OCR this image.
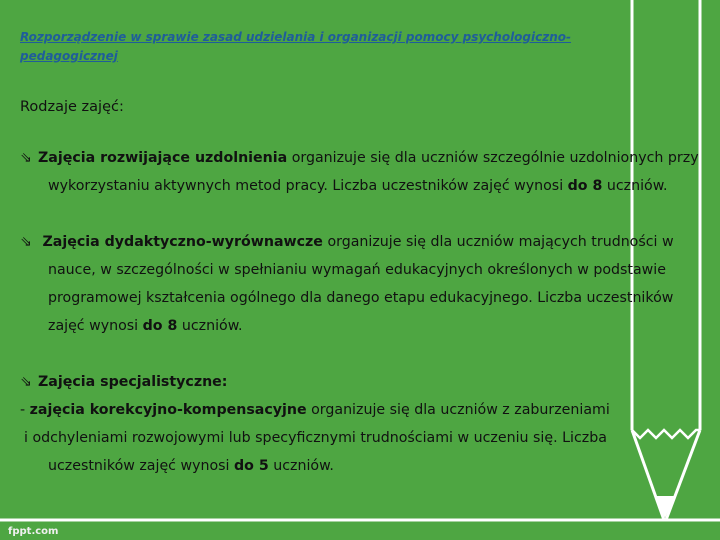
Rozporządzenie w sprawie zasad udzielania i organizacji pomocy psychologiczno-pedagogicznej
Rodzaje zajęć:
⇘ Zajęcia rozwijające uzdolnienia organizuje się dla uczniów szczególnie uzdolnionych przy
wykorzystaniu aktywnych metod pracy. Liczba uczestników zajęć wynosi do 8 uczniów.
⇘ Zajęcia dydaktyczno-wyrównawcze organizuje się dla uczniów mających trudności w
nauce, w szczególności w spełnianiu wymagań edukacyjnych określonych w podstawie
programowej kształcenia ogólnego dla danego etapu edukacyjnego. Liczba uczestników
zajęć wynosi do 8 uczniów.
⇘ Zajęcia specjalistyczne:
- zajęcia korekcyjno-kompensacyjne organizuje się dla uczniów z zaburzeniami
i odchyleniami rozwojowymi lub specyficznymi trudnościami w uczeniu się. Liczba
uczestników zajęć wynosi do 5 uczniów.
fppt.com
